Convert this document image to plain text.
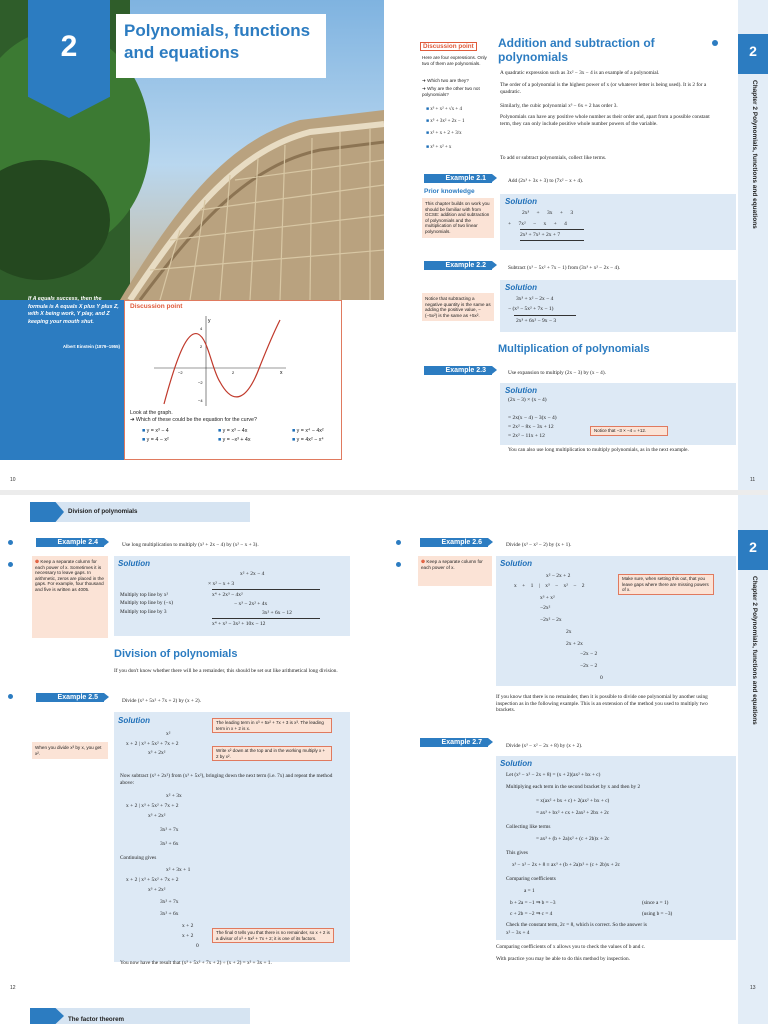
2	Polynomials, functions and equations
If A equals success, then the formula is A equals X plus Y plus Z, with X being work, Y play, and Z keeping your mouth shut.
Albert Einstein (1879–1955)
Discussion point
y
x
4
2
−2
−4
2
−2
Look at the graph.
➜ Which of these could be the equation for the curve?
■ y = x³ − 4
■ y = 4 − x²
■ y = x³ − 4x
■ y = −x³ + 4x
■ y = x⁴ − 4x²
■ y = 4x² − x⁴
10
2
Chapter 2 Polynomials, functions and equations
Discussion point
Here are four expressions. Only two of them are polynomials.
➜ Which two are they?
➜ Why are the other two not polynomials?
■ x³ + x² + √x + 4
■ x⁵ + 3x² + 2x − 1
■ x² + x + 2 + 3/x
■ x³ + x² + x
Addition and subtraction of polynomials
A quadratic expression such as 3x² − 3x − 4 is an example of a polynomial.
The order of a polynomial is the highest power of x (or whatever letter is being used). It is 2 for a quadratic.
Similarly, the cubic polynomial x³ − 6x + 2 has order 3.
Polynomials can have any positive whole number as their order and, apart from a possible constant term, they can only include positive whole number powers of the variable.
To add or subtract polynomials, collect like terms.
Example 2.1	Add (2x³ + 3x + 3) to (7x² − x + 4).
Prior knowledge
This chapter builds on work you should be familiar with from GCSE: addition and subtraction of polynomials and the multiplication of two linear polynomials.
Solution
2x³ + 3x + 3
+ 7x² − x + 4
2x³ + 7x² + 2x + 7
Example 2.2	Subtract (x³ − 5x² + 7x − 1) from (3x³ + x² − 2x − 4).
Notice that subtracting a negative quantity is the same as adding the positive value, −(−5x²) is the same as +5x².
Solution
3x³ + x² − 2x − 4
− (x³ − 5x² + 7x − 1)
2x³ + 6x² − 9x − 3
Multiplication of polynomials
Example 2.3	Use expansion to multiply (2x − 3) by (x − 4).
Solution
(2x − 3) × (x − 4)
= 2x(x − 4) − 3(x − 4)
= 2x² − 8x − 3x + 12
= 2x² − 11x + 12
Notice that −3 × −4 = +12.
You can also use long multiplication to multiply polynomials, as in the next example.
11
Division of polynomials
Example 2.4	Use long multiplication to multiply (x² + 2x − 4) by (x² − x + 3).
❶ Keep a separate column for each power of x. Sometimes it is necessary to leave gaps. In arithmetic, zeros are placed in the gaps. For example, four thousand and five is written as 4005.
Solution
Multiply top line by x²
Multiply top line by (−x)
Multiply top line by 3
x² + 2x − 4
× x² − x + 3
x⁴ + 2x³ − 4x²
− x³ − 2x² + 4x
3x² + 6x − 12
x⁴ + x³ − 3x² + 10x − 12
Division of polynomials
If you don't know whether there will be a remainder, this should be set out like arithmetical long division.
Example 2.5	Divide (x³ + 5x² + 7x + 2) by (x + 2).
Solution	The leading term in x³ + 5x² + 7x + 3 is x³. The leading term in x + 2 is x.
When you divide x³ by x, you get x².
Write x² down at the top and in the working multiply x + 2 by x².
x²
x + 2 | x³ + 5x² + 7x + 2
x³ + 2x²
Now subtract (x³ + 2x²) from (x³ + 5x²), bringing down the next term (i.e. 7x) and repeat the method above:
x² + 3x
x + 2 | x³ + 5x² + 7x + 2
x³ + 2x²
3x² + 7x
3x² + 6x
Continuing gives
x² + 3x + 1
x + 2 | x³ + 5x² + 7x + 2
x³ + 2x²
3x² + 7x
3x² + 6x
x + 2
x + 2
0
The final 0 tells you that there is no remainder, so x + 2 is a divisor of x³ + 5x² + 7x + 2; it is one of its factors.
You now have the result that (x³ + 5x² + 7x + 2) ÷ (x + 2) = x² + 3x + 1.
12
The factor theorem
2
Chapter 2 Polynomials, functions and equations
Example 2.6	Divide (x³ − x² − 2) by (x + 1).
❶ Keep a separate column for each power of x.	Solution
Make sure, when setting this out, that you leave gaps where there are missing powers of x.
x² − 2x + 2
x + 1 | x³ − x² − 2
x³ + x²
−2x²
−2x² − 2x
2x
2x + 2x
−2x − 2
−2x − 2
0
If you know that there is no remainder, then it is possible to divide one polynomial by another using inspection as in the following example. This is an extension of the method you used to multiply two brackets.
Example 2.7	Divide (x³ − x² − 2x + 8) by (x + 2).
Solution
Let (x³ − x² − 2x + 8) = (x + 2)(ax² + bx + c)
Multiplying each term in the second bracket by x and then by 2
= x(ax² + bx + c) + 2(ax² + bx + c)
= ax³ + bx² + cx + 2ax² + 2bx + 2c
Collecting like terms
= ax³ + (b + 2a)x² + (c + 2b)x + 2c
This gives
x³ − x² − 2x + 8 ≡ ax³ + (b + 2a)x² + (c + 2b)x + 2c
Comparing coefficients
a = 1
b + 2a = −1 ⇒ b = −3	(since a = 1)
c + 2b = −2 ⇒ c = 4	(using b = −3)
Check the constant term, 2c = 8, which is correct. So the answer is
x² − 3x + 4
Comparing coefficients of x allows you to check the values of b and c.
With practice you may be able to do this method by inspection.
13
